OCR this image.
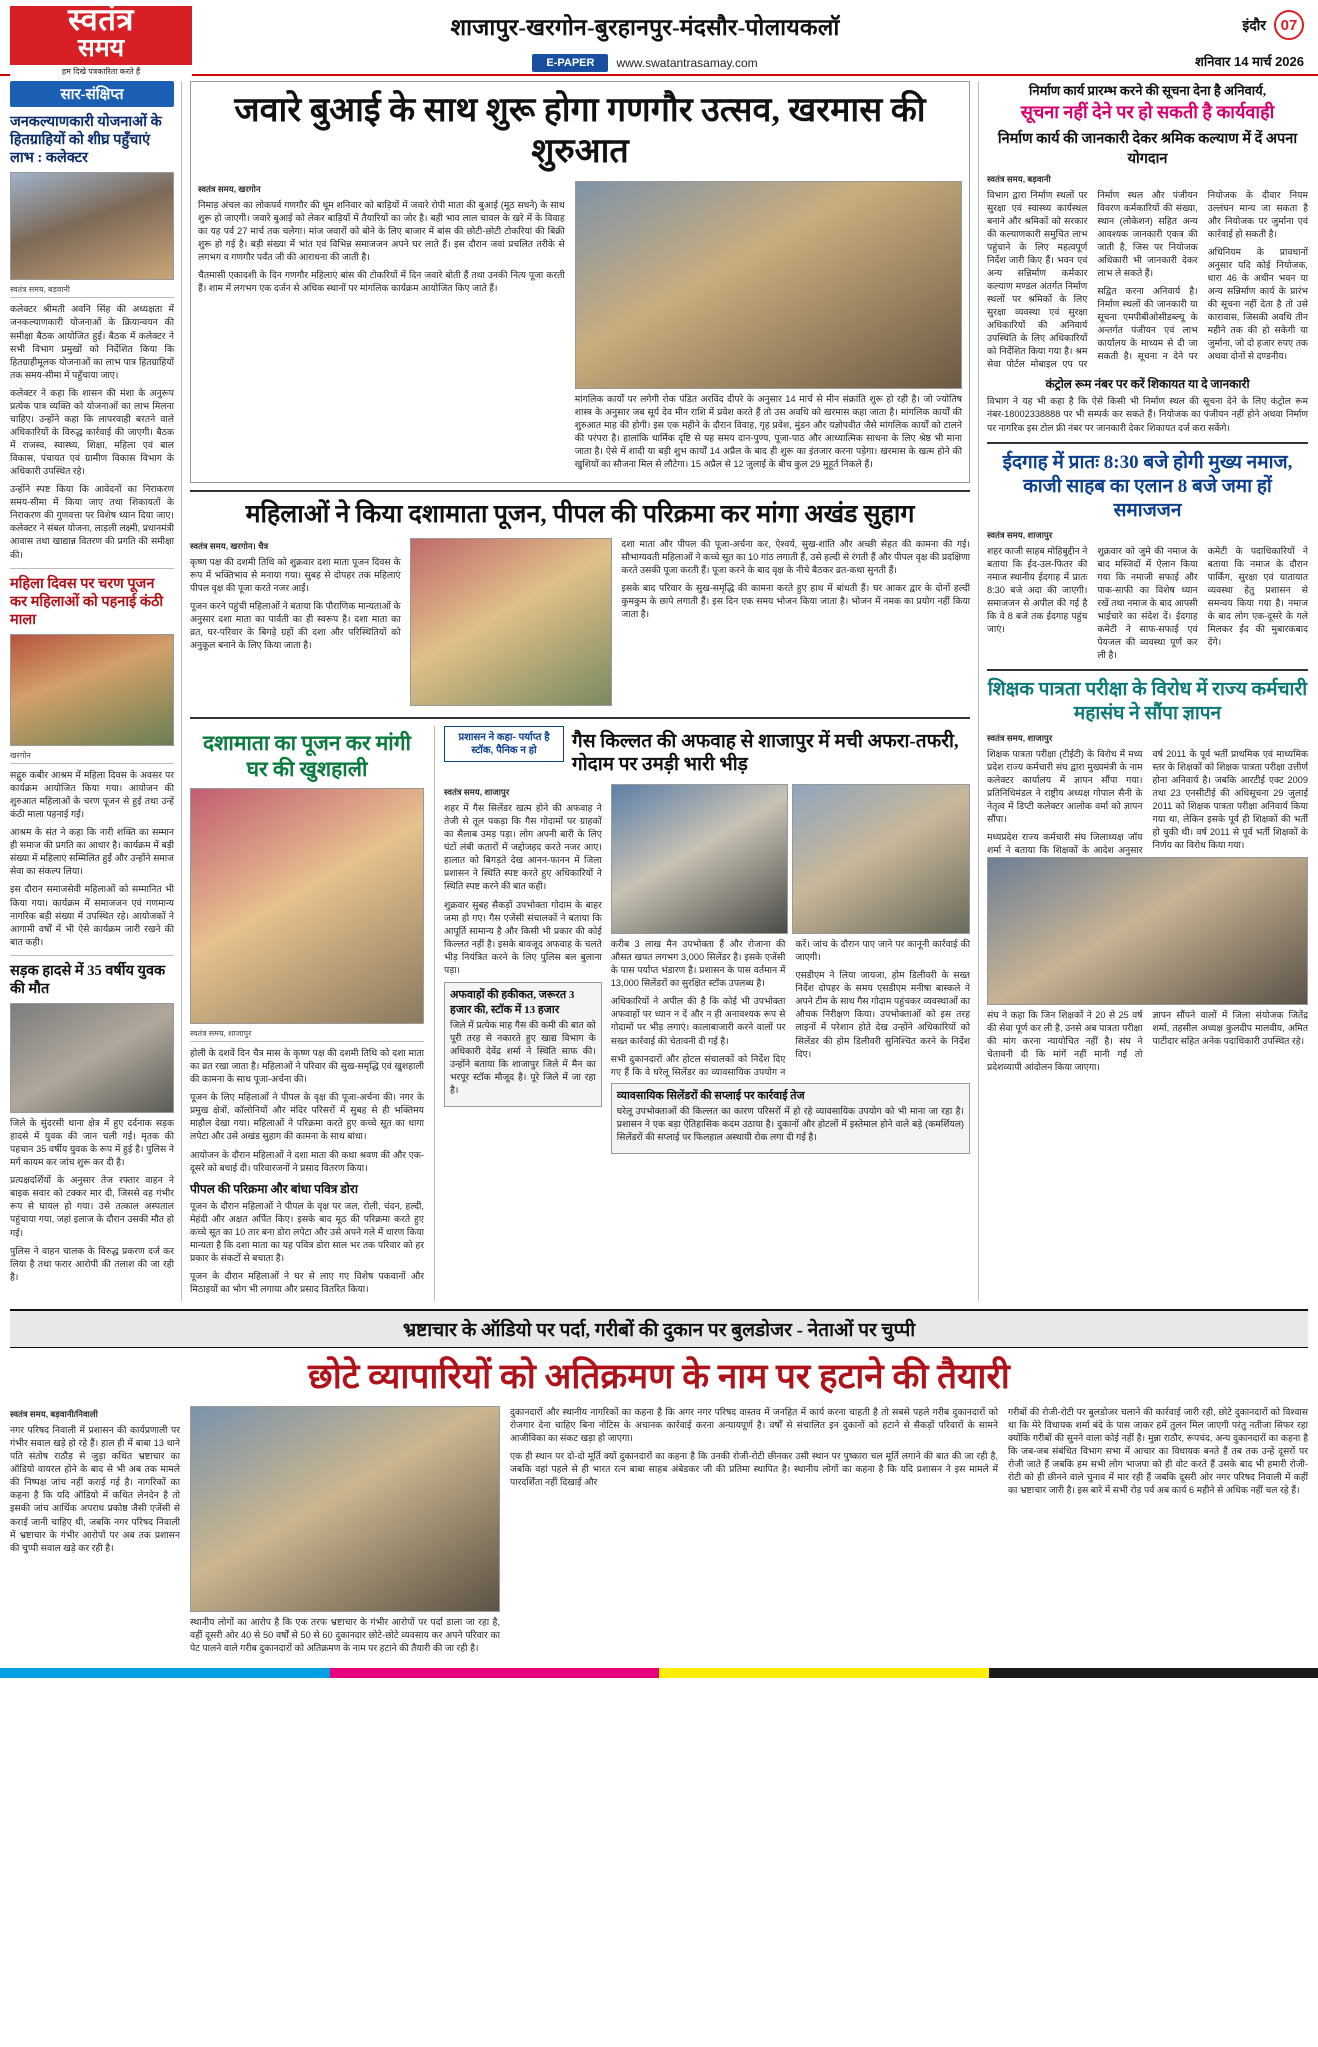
स्वतंत्र
समय
हम दिखे पत्रकारिता करते हैं
शाजापुर-खरगोन-बुरहानपुर-मंदसौर-पोलायकलॉ
E-PAPER	www.swatantrasamay.com
इंदौर 07
शनिवार 14 मार्च 2026
सार-संक्षिप्त
जनकल्याणकारी योजनाओं के हितग्राहियों को शीघ्र पहुँचाएं लाभ : कलेक्टर
स्वतंत्र समय, बड़वानी

कलेक्टर श्रीमती अवनि सिंह की अध्यक्षता में जनकल्याणकारी योजनाओं के क्रियान्वयन की समीक्षा बैठक आयोजित हुई। बैठक में कलेक्टर ने सभी विभाग प्रमुखों को निर्देशित किया कि हितग्राहीमूलक योजनाओं का लाभ पात्र हितग्राहियों तक समय-सीमा में पहुँचाया जाए।

कलेक्टर ने कहा कि शासन की मंशा के अनुरूप प्रत्येक पात्र व्यक्ति को योजनाओं का लाभ मिलना चाहिए। उन्होंने कहा कि लापरवाही बरतने वाले अधिकारियों के विरुद्ध कार्रवाई की जाएगी। बैठक में राजस्व, स्वास्थ्य, शिक्षा, महिला एवं बाल विकास, पंचायत एवं ग्रामीण विकास विभाग के अधिकारी उपस्थित रहे।

उन्होंने स्पष्ट किया कि आवेदनों का निराकरण समय-सीमा में किया जाए तथा शिकायतों के निराकरण की गुणवत्ता पर विशेष ध्यान दिया जाए। कलेक्टर ने संबल योजना, लाड़ली लक्ष्मी, प्रधानमंत्री आवास तथा खाद्यान्न वितरण की प्रगति की समीक्षा की।

महिला दिवस पर चरण पूजन कर महिलाओं को पहनाई कंठी माला
खरगोन

सद्गुरु कबीर आश्रम में महिला दिवस के अवसर पर कार्यक्रम आयोजित किया गया। आयोजन की शुरुआत महिलाओं के चरण पूजन से हुई तथा उन्हें कंठी माला पहनाई गई।

आश्रम के संत ने कहा कि नारी शक्ति का सम्मान ही समाज की प्रगति का आधार है। कार्यक्रम में बड़ी संख्या में महिलाएं सम्मिलित हुईं और उन्होंने समाज सेवा का संकल्प लिया।

इस दौरान समाजसेवी महिलाओं को सम्मानित भी किया गया। कार्यक्रम में समाजजन एवं गणमान्य नागरिक बड़ी संख्या में उपस्थित रहे। आयोजकों ने आगामी वर्षों में भी ऐसे कार्यक्रम जारी रखने की बात कही।

सड़क हादसे में 35 वर्षीय युवक की मौत

जिले के सुंदरसी थाना क्षेत्र में हुए दर्दनाक सड़क हादसे में युवक की जान चली गई। मृतक की पहचान 35 वर्षीय युवक के रूप में हुई है। पुलिस ने मर्ग कायम कर जांच शुरू कर दी है।

प्रत्यक्षदर्शियों के अनुसार तेज रफ्तार वाहन ने बाइक सवार को टक्कर मार दी, जिससे वह गंभीर रूप से घायल हो गया। उसे तत्काल अस्पताल पहुंचाया गया, जहां इलाज के दौरान उसकी मौत हो गई।

पुलिस ने वाहन चालक के विरुद्ध प्रकरण दर्ज कर लिया है तथा फरार आरोपी की तलाश की जा रही है।

जवारे बुआई के साथ शुरू होगा गणगौर उत्सव, खरमास की शुरुआत
स्वतंत्र समय, खरगोन

निमाड़ अंचल का लोकपर्व गणगौर की धूम शनिवार को बाड़ियों में जवारे रोपी माता की बुआई (मूठ सधने) के साथ शुरू हो जाएगी। जवारे बुआई को लेकर बाड़ियों में तैयारियों का जोर है। बही भाव लाल चावल के खरे में के विवाह का यह पर्व 27 मार्च तक चलेगा। मांज जवारों को बोने के लिए बाजार में बांस की छोटी-छोटी टोकरियां की बिक्री शुरू हो गई है। बड़ी संख्या में भांत एवं विभिन्न समाजजन अपने घर लाते हैं। इस दौरान जवां प्रचलित तरीके से लगभग व गणगौर पर्वंत जी की आराधना की जाती है।

चैतमासी एकादशी के दिन गणगौर महिलाएं बांस की टोकरियों में दिन जवारे बोती हैं तथा उनकी नित्य पूजा करती हैं। शाम में लगभग एक दर्जन से अधिक स्थानों पर मांगलिक कार्यक्रम आयोजित किए जाते हैं।

मांगलिक कार्यों पर लगेगी रोक पंडित अरविंद दीपरे के अनुसार 14 मार्च से मीन संक्रांति शुरू हो रही है। जो ज्योतिष शास्त्र के अनुसार जब सूर्य देव मीन राशि में प्रवेश करते हैं तो उस अवधि को खरमास कहा जाता है। मांगलिक कार्यों की शुरुआत माह की होगी। इस एक महीने के दौरान विवाह, गृह प्रवेश, मुंडन और यज्ञोपवीत जैसे मांगलिक कार्यों को टालने की परंपरा है। हालांकि धार्मिक दृष्टि से यह समय दान-पुण्य, पूजा-पाठ और आध्यात्मिक साधना के लिए श्रेष्ठ भी माना जाता है। ऐसे में शादी या बड़ी शुभ कार्यों 14 अप्रैल के बाद ही शुरू का इंतजार करना पड़ेगा। खरमास के खत्म होने की खुशियों का सौजना मिल से लौटेगा। 15 अप्रैल से 12 जुलाई के बीच कुल 29 मुहूर्त निकले हैं।

महिलाओं ने किया दशामाता पूजन, पीपल की परिक्रमा कर मांगा अखंड सुहाग
स्वतंत्र समय, खरगोन। चैत्र

कृष्ण पक्ष की दशमी तिथि को शुक्रवार दशा माता पूजन दिवस के रूप में भक्तिभाव से मनाया गया। सुबह से दोपहर तक महिलाएं पीपल वृक्ष की पूजा करते नजर आईं।

पूजन करने पहुंची महिलाओं ने बताया कि पौराणिक मान्यताओं के अनुसार दशा माता का पार्वती का ही स्वरूप है। दशा माता का व्रत, घर-परिवार के बिगड़े ग्रहों की दशा और परिस्थितियों को अनुकूल बनाने के लिए किया जाता है।

दशा माता और पीपल की पूजा-अर्चना कर, ऐश्वर्य, सुख-शांति और अच्छी सेहत की कामना की गई। सौभाग्यवती महिलाओं ने कच्चे सूत का 10 गांठ लगाती हैं, उसे हल्दी से रंगती हैं और पीपल वृक्ष की प्रदक्षिणा करते उसकी पूजा करती हैं। पूजा करने के बाद वृक्ष के नीचे बैठकर व्रत-कथा सुनती हैं।

इसके बाद परिवार के सुख-समृद्धि की कामना करते हुए हाथ में बांधती हैं। घर आकर द्वार के दोनों हल्दी कुमकुम के छापे लगाती हैं। इस दिन एक समय भोजन किया जाता है। भोजन में नमक का प्रयोग नहीं किया जाता है।

दशामाता का पूजन कर मांगी घर की खुशहाली
स्वतंत्र समय, शाजापुर

होली के दशवें दिन चैत्र मास के कृष्ण पक्ष की दशमी तिथि को दशा माता का व्रत रखा जाता है। महिलाओं ने परिवार की सुख-समृद्धि एवं खुशहाली की कामना के साथ पूजा-अर्चना की।

पूजन के लिए महिलाओं ने पीपल के वृक्ष की पूजा-अर्चना की। नगर के प्रमुख क्षेत्रों, कॉलोनियों और मंदिर परिसरों में सुबह से ही भक्तिमय माहौल देखा गया। महिलाओं ने परिक्रमा करते हुए कच्चे सूत का धागा लपेटा और उसे अखंड सुहाग की कामना के साथ बांधा।

आयोजन के दौरान महिलाओं ने दशा माता की कथा श्रवण की और एक-दूसरे को बधाई दी। परिवारजनों ने प्रसाद वितरण किया।

पीपल की परिक्रमा और बांधा पवित्र डोरा

पूजन के दौरान महिलाओं ने पीपल के वृक्ष पर जल, रोली, चंदन, हल्दी, मेहंदी और अक्षत अर्पित किए। इसके बाद मूठ की परिक्रमा करते हुए कच्चे सूत का 10 तार बना डोरा लपेटा और उसे अपने गले में धारण किया मान्यता है कि दशा माता का यह पवित्र डोरा साल भर तक परिवार को हर प्रकार के संकटों से बचाता है।

पूजन के दौरान महिलाओं ने घर से लाए गए विशेष पकवानों और मिठाइयों का भोग भी लगाया और प्रसाद वितरित किया।

प्रशासन ने कहा- पर्याप्त है स्टॉक, पैनिक न हो	गैस किल्लत की अफवाह से शाजापुर में मची अफरा-तफरी, गोदाम पर उमड़ी भारी भीड़
स्वतंत्र समय, शाजापुर

शहर में गैस सिलेंडर खत्म होने की अफवाह ने तेजी से तूल पकड़ा कि गैस गोदामों पर ग्राहकों का सैलाब उमड़ पड़ा। लोग अपनी बारी के लिए घंटों लंबी कतारों में जद्दोजहद करते नजर आए। हालात को बिगड़ते देख आनन-फानन में जिला प्रशासन ने स्थिति स्पष्ट करते हुए अधिकारियों ने स्थिति स्पष्ट करने की बात कही।

शुक्रवार सुबह सैकड़ों उपभोक्ता गोदाम के बाहर जमा हो गए। गैस एजेंसी संचालकों ने बताया कि आपूर्ति सामान्य है और किसी भी प्रकार की कोई किल्लत नहीं है। इसके बावजूद अफवाह के चलते भीड़ नियंत्रित करने के लिए पुलिस बल बुलाना पड़ा।

अफवाहों की हकीकत, जरूरत 3 हजार की, स्टॉक में 13 हजार

जिले में प्रत्येक माह गैस की कमी की बात को पूरी तरह से नकारते हुए खाद्य विभाग के अधिकारी देवेंद्र शर्मा ने स्थिति साफ की। उन्होंने बताया कि शाजापुर जिले में मैन का भरपूर स्टॉक मौजूद है। पूरे जिले में जा रहा है।

करीब 3 लाख मैन उपभोक्ता हैं और रोजाना की औसत खपत लगभग 3,000 सिलेंडर है। इसके एजेंसी के पास पर्याप्त भंडारण है। प्रशासन के पास वर्तमान में 13,000 सिलेंडरों का सुरक्षित स्टॉक उपलब्ध है।

अधिकारियों ने अपील की है कि कोई भी उपभोक्ता अफवाहों पर ध्यान न दें और न ही अनावश्यक रूप से गोदामों पर भीड़ लगाएं। कालाबाजारी करने वालों पर सख्त कार्रवाई की चेतावनी दी गई है।

सभी दुकानदारों और होटल संचालकों को निर्देश दिए गए हैं कि वे घरेलू सिलेंडर का व्यावसायिक उपयोग न करें। जांच के दौरान पाए जाने पर कानूनी कार्रवाई की जाएगी।

एसडीएम ने लिया जायजा, होम डिलीवरी के सख्त निर्देश दोपहर के समय एसडीएम मनीषा बास्कले ने अपने टीम के साथ गैस गोदाम पहुंचकर व्यवस्थाओं का औचक निरीक्षण किया। उपभोक्ताओं को इस तरह लाइनों में परेशान होते देख उन्होंने अधिकारियों को सिलेंडर की होम डिलीवरी सुनिश्चित करने के निर्देश दिए।

व्यावसायिक सिलेंडरों की सप्लाई पर कार्रवाई तेज

घरेलू उपभोक्ताओं की किल्लत का कारण परिसरों में हो रहे व्यावसायिक उपयोग को भी माना जा रहा है। प्रशासन ने एक बड़ा ऐतिहासिक कदम उठाया है। दुकानों और होटलों में इस्तेमाल होने वाले बड़े (कमर्शियल) सिलेंडरों की सप्लाई पर फिलहाल अस्थायी रोक लगा दी गई है।

निर्माण कार्य प्रारम्भ करने की सूचना देना है अनिवार्य,
सूचना नहीं देने पर हो सकती है कार्यवाही
निर्माण कार्य की जानकारी देकर श्रमिक कल्याण में दें अपना योगदान
स्वतंत्र समय, बड़वानी

विभाग द्वारा निर्माण स्थलों पर सुरक्षा एवं स्वास्थ्य कार्यस्थल बनाने और श्रमिकों को सरकार की कल्याणकारी समुचित लाभ पहुंचाने के लिए महत्वपूर्ण निर्देश जारी किए हैं। भवन एवं अन्य सन्निर्माण कर्मकार कल्याण मण्डल अंतर्गत निर्माण स्थलों पर श्रमिकों के लिए सुरक्षा व्यवस्था एवं सुरक्षा अधिकारियों की अनिवार्य उपस्थिति के लिए अधिकारियों को निर्देशित किया गया है। श्रम सेवा पोर्टल मोबाइल एप पर निर्माण स्थल और पंजीयन विवरण कर्मकारियों की संख्या, स्थान (लोकेशन) सहित अन्य आवश्यक जानकारी एकत्र की जाती है, जिस पर नियोजक अधिकारी भी जानकारी देकर लाभ ले सकते हैं।

सद्वित करना अनिवार्य है। निर्माण स्थलों की जानकारी या सूचना एमपीबीओसीडब्ल्यू के अन्तर्गत पंजीयन एवं लाभ कार्यालय के माध्यम से दी जा सकती है। सूचना न देने पर नियोजक के दीवार नियम उल्लंघन मान्य जा सकता है और नियोजक पर जुर्माना एवं कार्रवाई हो सकती है।

अधिनियम के प्रावधानों अनुसार यदि कोई नियोजक, धारा 46 के अधीन भवन या अन्य सन्निर्माण कार्य के प्रारंभ की सूचना नहीं देता है तो उसे कारावास, जिसकी अवधि तीन महीने तक की हो सकेगी या जुर्माना, जो दो हजार रुपए तक अथवा दोनों से दण्डनीय।

कंट्रोल रूम नंबर पर करें शिकायत या दे जानकारी

विभाग ने यह भी कहा है कि ऐसे किसी भी निर्माण स्थल की सूचना देने के लिए कंट्रोल रूम नंबर-18002338888 पर भी सम्पर्क कर सकते हैं। नियोजक का पंजीयन नहीं होने अथवा निर्माण पर नागरिक इस टोल फ्री नंबर पर जानकारी देकर शिकायत दर्ज करा सकेंगे।

ईदगाह में प्रातः 8:30 बजे होगी मुख्य नमाज, काजी साहब का एलान 8 बजे जमा हों समाजजन
स्वतंत्र समय, शाजापुर

शहर काजी साहब मोहिबुद्दीन ने बताया कि ईद-उल-फितर की नमाज स्थानीय ईदगाह में प्रातः 8:30 बजे अदा की जाएगी। समाजजन से अपील की गई है कि वे 8 बजे तक ईदगाह पहुंच जाएं।

शुक्रवार को जुमे की नमाज के बाद मस्जिदों में ऐलान किया गया कि नमाजी सफाई और पाक-साफी का विशेष ध्यान रखें तथा नमाज के बाद आपसी भाईचारे का संदेश दें। ईदगाह कमेटी ने साफ-सफाई एवं पेयजल की व्यवस्था पूर्ण कर ली है।

कमेटी के पदाधिकारियों ने बताया कि नमाज के दौरान पार्किंग, सुरक्षा एवं यातायात व्यवस्था हेतु प्रशासन से समन्वय किया गया है। नमाज के बाद लोग एक-दूसरे के गले मिलकर ईद की मुबारकबाद देंगे।

शिक्षक पात्रता परीक्षा के विरोध में राज्य कर्मचारी महासंघ ने सौंपा ज्ञापन
स्वतंत्र समय, शाजापुर

शिक्षक पात्रता परीक्षा (टीईटी) के विरोध में मध्य प्रदेश राज्य कर्मचारी संघ द्वारा मुख्यमंत्री के नाम कलेक्टर कार्यालय में ज्ञापन सौंपा गया। प्रतिनिधिमंडल ने राष्ट्रीय अध्यक्ष गोपाल सैनी के नेतृत्व में डिप्टी कलेक्टर आलोक वर्मा को ज्ञापन सौंपा।

मध्यप्रदेश राज्य कर्मचारी संघ जिलाध्यक्ष जॉय शर्मा ने बताया कि शिक्षकों के आदेश अनुसार वर्ष 2011 के पूर्व भर्ती प्राथमिक एवं माध्यमिक स्तर के शिक्षकों को शिक्षक पात्रता परीक्षा उत्तीर्ण होना अनिवार्य है। जबकि आरटीई एक्ट 2009 तथा 23 एनसीटीई की अधिसूचना 29 जुलाई 2011 को शिक्षक पात्रता परीक्षा अनिवार्य किया गया था, लेकिन इसके पूर्व ही शिक्षकों की भर्ती हो चुकी थी। वर्ष 2011 से पूर्व भर्ती शिक्षकों के निर्णय का विरोध किया गया।

संघ ने कहा कि जिन शिक्षकों ने 20 से 25 वर्ष की सेवा पूर्ण कर ली है, उनसे अब पात्रता परीक्षा की मांग करना न्यायोचित नहीं है। संघ ने चेतावनी दी कि मांगें नहीं मानी गईं तो प्रदेशव्यापी आंदोलन किया जाएगा।

ज्ञापन सौंपने वालों में जिला संयोजक जितेंद्र शर्मा, तहसील अध्यक्ष कुलदीप मालवीय, अमित पाटीदार सहित अनेक पदाधिकारी उपस्थित रहे।

भ्रष्टाचार के ऑडियो पर पर्दा, गरीबों की दुकान पर बुलडोजर - नेताओं पर चुप्पी
छोटे व्यापारियों को अतिक्रमण के नाम पर हटाने की तैयारी
स्वतंत्र समय, बड़वानी/निवाली

नगर परिषद निवाली में प्रशासन की कार्यप्रणाली पर गंभीर सवाल खड़े हो रहे हैं। हाल ही में बाबा 13 थाने पति संतोष राठौड़ से जुड़ा कथित भ्रष्टाचार का ऑडियो वायरल होने के बाद से भी अब तक मामले की निष्पक्ष जांच नहीं कराई गई है। नागरिकों का कहना है कि यदि ऑडियो में कथित लेनदेन है तो इसकी जांच आर्थिक अपराध प्रकोष्ठ जैसी एजेंसी से कराई जानी चाहिए थी, जबकि नगर परिषद निवाली में भ्रष्टाचार के गंभीर आरोपों पर अब तक प्रशासन की चुप्पी सवाल खड़े कर रही है।

स्थानीय लोगों का आरोप है कि एक तरफ भ्रष्टाचार के गंभीर आरोपों पर पर्दा डाला जा रहा है, वहीं दूसरी ओर 40 से 50 वर्षों से 50 से 60 दुकानदार छोटे-छोटे व्यवसाय कर अपने परिवार का पेट पालने वाले गरीब दुकानदारों को अतिक्रमण के नाम पर हटाने की तैयारी की जा रही है।

दुकानदारों और स्थानीय नागरिकों का कहना है कि अगर नगर परिषद वास्तव में जनहित में कार्य करना चाहती है तो सबसे पहले गरीब दुकानदारों को रोजगार देना चाहिए बिना नोटिस के अचानक कार्रवाई करना अन्यायपूर्ण है। वर्षों से संचालित इन दुकानों को हटाने से सैकड़ों परिवारों के सामने आजीविका का संकट खड़ा हो जाएगा।

एक ही स्थान पर दो-दो मूर्ति क्यों दुकानदारों का कहना है कि उनकी रोजी-रोटी छीनकर उसी स्थान पर पुष्कारा चल मूर्ति लगाने की बात की जा रही है, जबकि वहां पहले से ही भारत रत्न बाबा साहब अंबेडकर जी की प्रतिमा स्थापित है। स्थानीय लोगों का कहना है कि यदि प्रशासन ने इस मामले में पारदर्शिता नहीं दिखाई और

गरीबों की रोजी-रोटी पर बुलडोजर चलाने की कार्रवाई जारी रही, छोटे दुकानदारों को विश्वास था कि मेरे विधायक शर्मा बंदे के पास जाकर हमें तुलन मिल जाएगी परंतु नतीजा सिफर रहा क्योंकि गरीबों की सुनने वाला कोई नहीं है। मुन्ना राठौर, रूपचंद, अन्य दुकानदारों का कहना है कि जब-जब संबंधित विभाग सभा में आचार का विधायक बनते हैं तब तक उन्हें दूसरों पर रोजी जाते हैं जबकि हम सभी लोग भाजपा को ही वोट करते हैं उसके बाद भी हमारी रोजी-रोटी को ही छीनने वाले चुनाव में मार रही हैं जबकि दूसरी ओर नगर परिषद निवाली में कहीं का भ्रष्टाचार जारी है। इस बारे में सभी रोड़ पर्व अब कार्य 6 महीने से अधिक नहीं चल रहे हैं।
